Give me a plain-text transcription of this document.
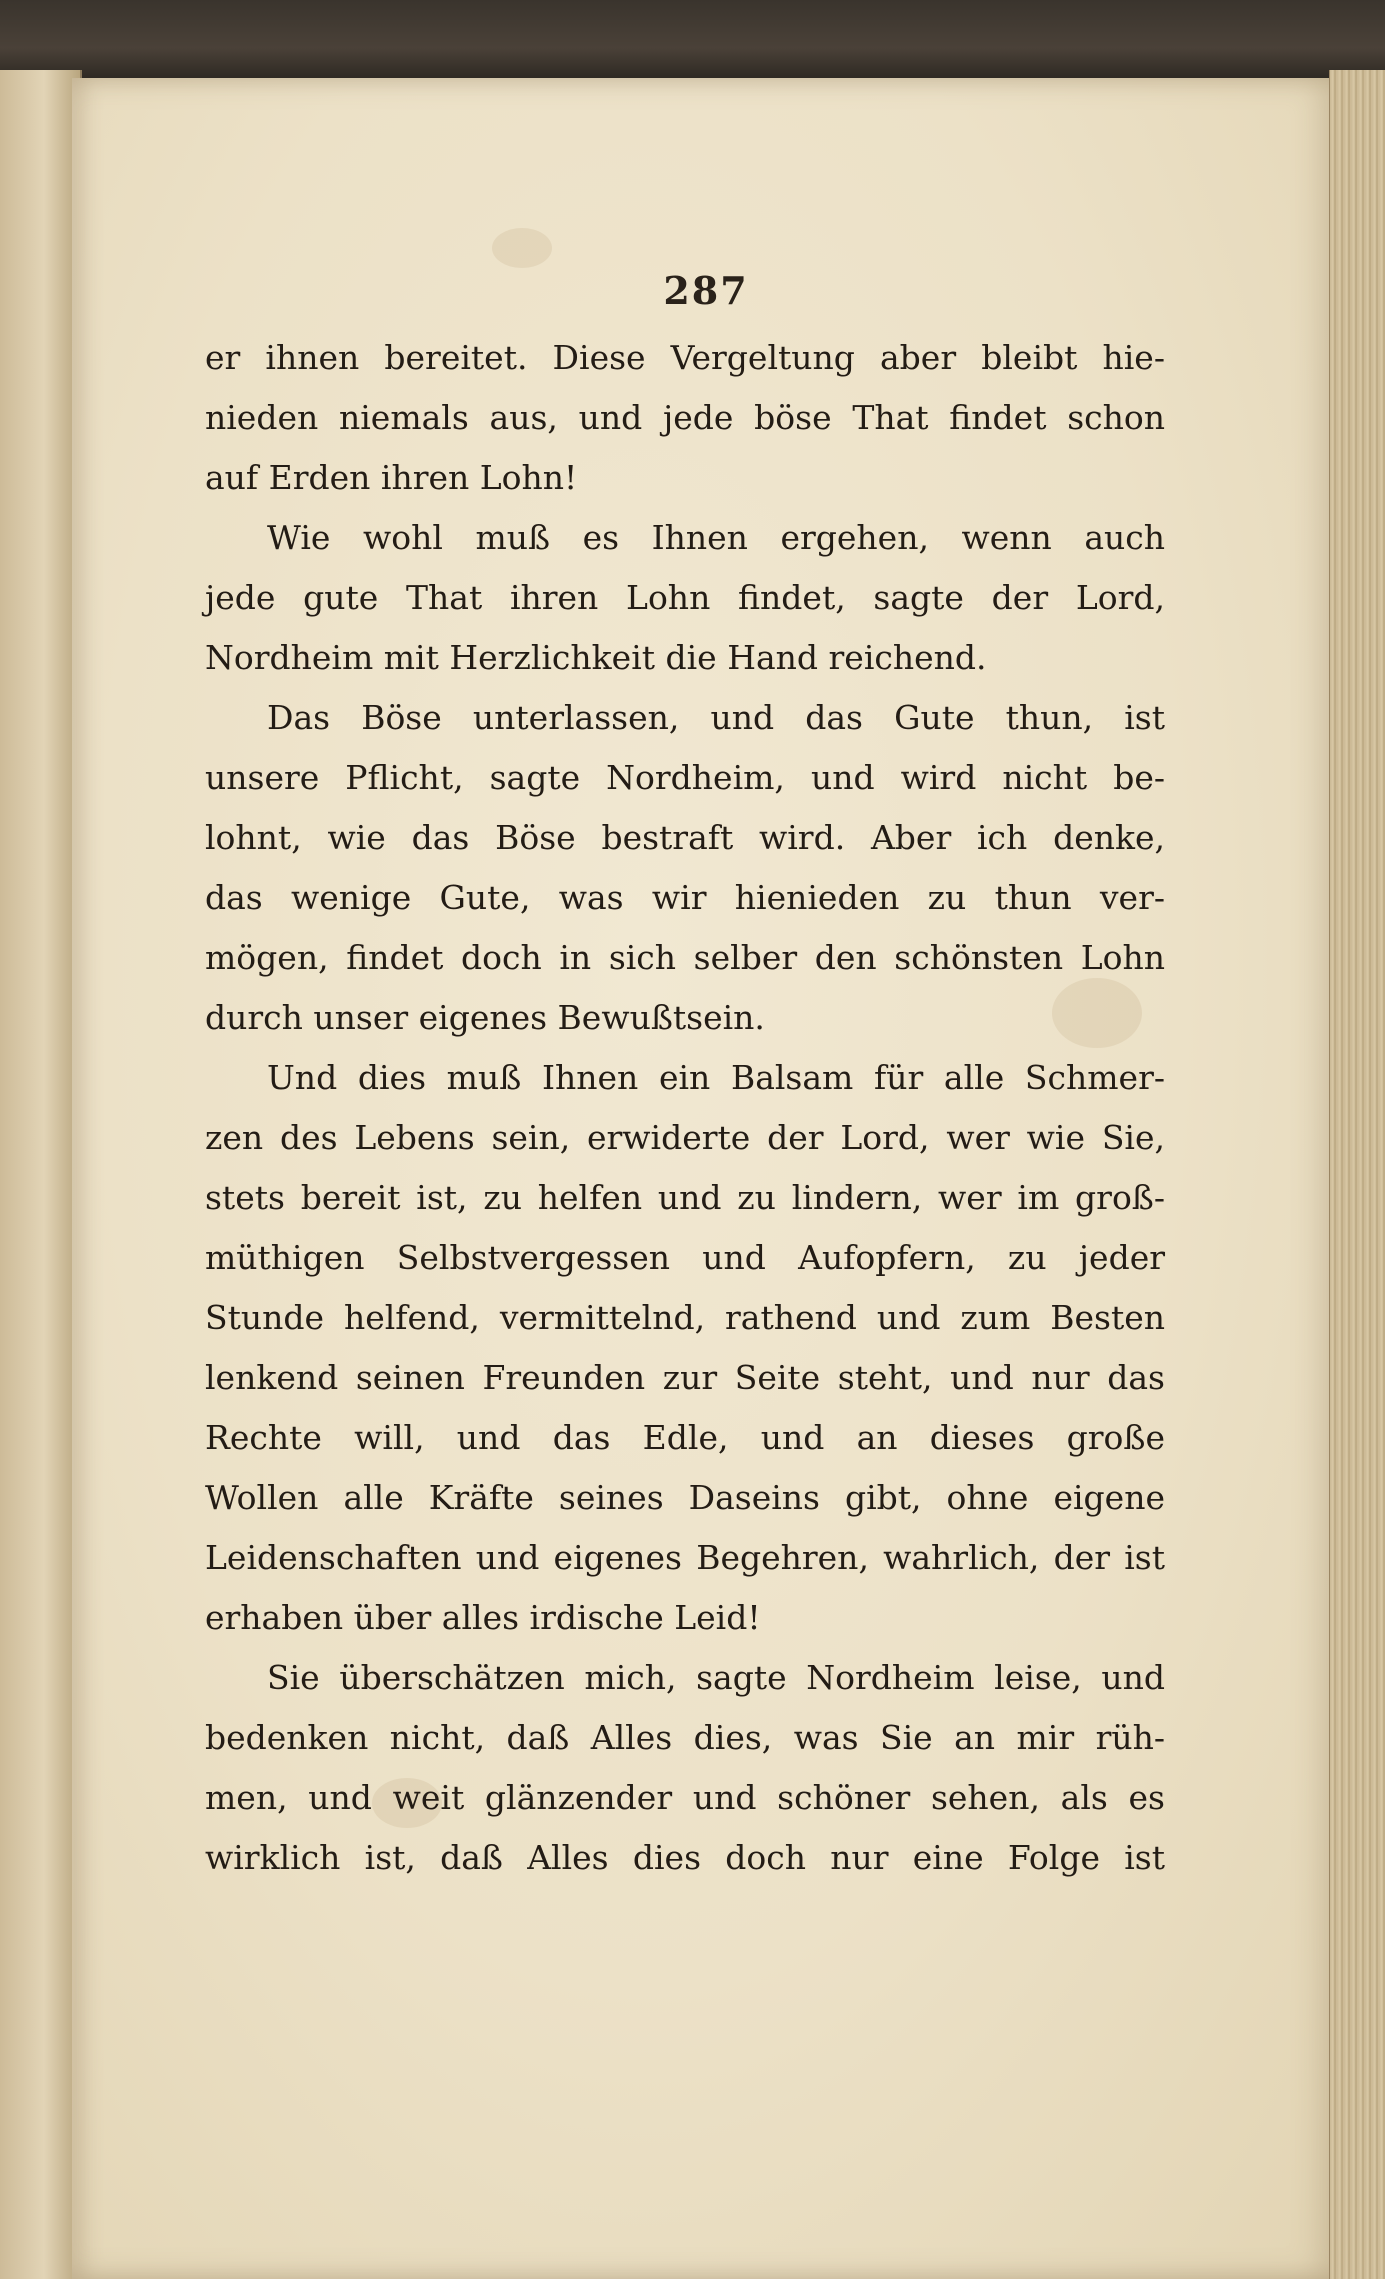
287
er ihnen bereitet. Diese Vergeltung aber bleibt hie-
nieden niemals aus, und jede böse That findet schon
auf Erden ihren Lohn!
Wie wohl muß es Ihnen ergehen, wenn auch
jede gute That ihren Lohn findet, sagte der Lord,
Nordheim mit Herzlichkeit die Hand reichend.
Das Böse unterlassen, und das Gute thun, ist
unsere Pflicht, sagte Nordheim, und wird nicht be-
lohnt, wie das Böse bestraft wird. Aber ich denke,
das wenige Gute, was wir hienieden zu thun ver-
mögen, findet doch in sich selber den schönsten Lohn
durch unser eigenes Bewußtsein.
Und dies muß Ihnen ein Balsam für alle Schmer-
zen des Lebens sein, erwiderte der Lord, wer wie Sie,
stets bereit ist, zu helfen und zu lindern, wer im groß-
müthigen Selbstvergessen und Aufopfern, zu jeder
Stunde helfend, vermittelnd, rathend und zum Besten
lenkend seinen Freunden zur Seite steht, und nur das
Rechte will, und das Edle, und an dieses große
Wollen alle Kräfte seines Daseins gibt, ohne eigene
Leidenschaften und eigenes Begehren, wahrlich, der ist
erhaben über alles irdische Leid!
Sie überschätzen mich, sagte Nordheim leise, und
bedenken nicht, daß Alles dies, was Sie an mir rüh-
men, und weit glänzender und schöner sehen, als es
wirklich ist, daß Alles dies doch nur eine Folge ist
